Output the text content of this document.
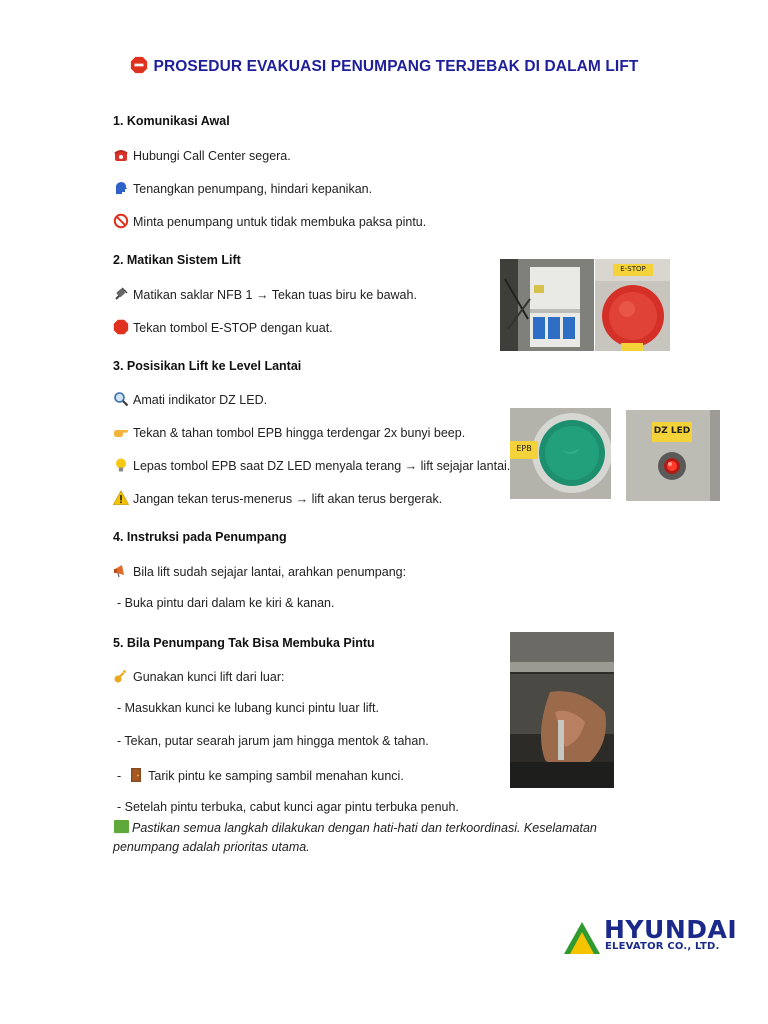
PROSEDUR EVAKUASI PENUMPANG TERJEBAK DI DALAM LIFT
1. Komunikasi Awal
Hubungi Call Center segera.
Tenangkan penumpang, hindari kepanikan.
Minta penumpang untuk tidak membuka paksa pintu.
2. Matikan Sistem Lift
Matikan saklar NFB 1 → Tekan tuas biru ke bawah.
Tekan tombol E-STOP dengan kuat.
3. Posisikan Lift ke Level Lantai
Amati indikator DZ LED.
Tekan & tahan tombol EPB hingga terdengar 2x bunyi beep.
Lepas tombol EPB saat DZ LED menyala terang → lift sejajar lantai.
Jangan tekan terus-menerus → lift akan terus bergerak.
4. Instruksi pada Penumpang
Bila lift sudah sejajar lantai, arahkan penumpang:
- Buka pintu dari dalam ke kiri & kanan.
5. Bila Penumpang Tak Bisa Membuka Pintu
Gunakan kunci lift dari luar:
- Masukkan kunci ke lubang kunci pintu luar lift.
- Tekan, putar searah jarum jam hingga mentok & tahan.
- Tarik pintu ke samping sambil menahan kunci.
- Setelah pintu terbuka, cabut kunci agar pintu terbuka penuh.
Pastikan semua langkah dilakukan dengan hati-hati dan terkoordinasi. Keselamatan penumpang adalah prioritas utama.
E-STOP
EPB
DZ LED
HYUNDAI
ELEVATOR CO., LTD.
